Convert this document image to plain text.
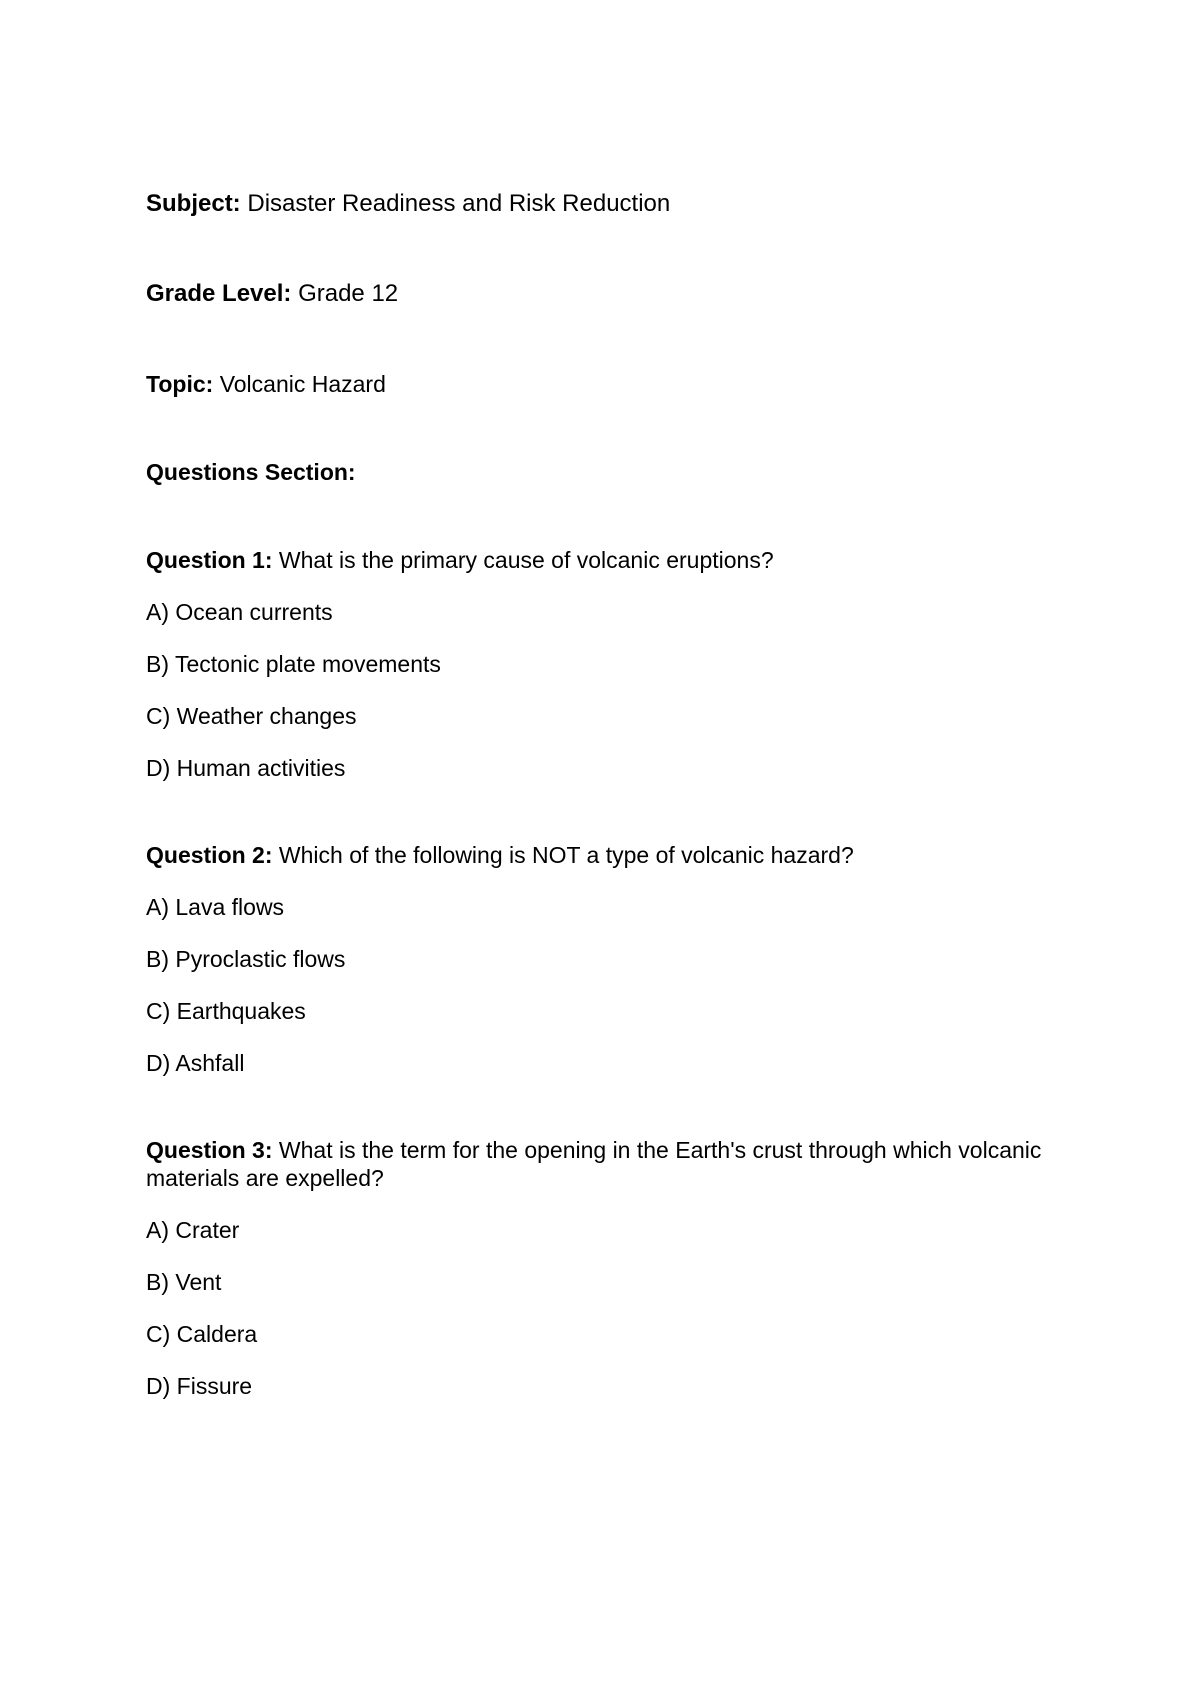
Subject: Disaster Readiness and Risk Reduction

Grade Level: Grade 12

Topic: Volcanic Hazard

Questions Section:

Question 1: What is the primary cause of volcanic eruptions?

A) Ocean currents
B) Tectonic plate movements
C) Weather changes
D) Human activities

Question 2: Which of the following is NOT a type of volcanic hazard?

A) Lava flows
B) Pyroclastic flows
C) Earthquakes
D) Ashfall

Question 3: What is the term for the opening in the Earth's crust through which volcanic materials are expelled?

A) Crater
B) Vent
C) Caldera
D) Fissure
